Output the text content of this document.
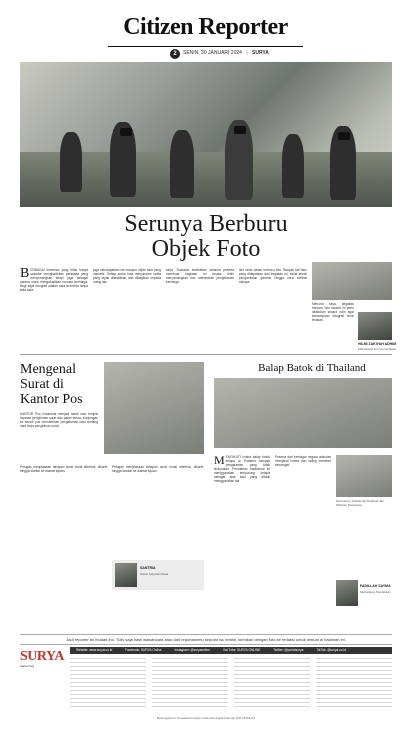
Citizen Reporter
2	SENIN, 30 JANUARI 2024 | SURYA
Serunya Berburu
Objek Foto
B ERBAGAI kesenian yang tidak hanya sekadar menghadirkan perasaan yang menyenangkan tetapi juga sebagai sarana untuk mengabadikan momen berharga. Bagi saya fotografi adalah cara bercerita tanpa kata-kata.
juga mendapatkan ide maupun objek baru yang menarik. Setiap sudut kota menyimpan cerita yang layak diabadikan dan dibagikan kepada orang lain.
kerja. Suasana keakraban sesama peserta membuat kegiatan ini terasa lebih menyenangkan dan menambah pengalaman berharga.
ikut serta dalam berburu foto. Banyak hal baru yang didapatkan dari kegiatan ini, mulai teknik pengambilan gambar hingga cara melihat cahaya.
Menurut saya, kegiatan berburu foto seperti ini perlu dilakukan secara rutin agar kemampuan fotografi terus terasah.
HILMI ZAKIYAH ADHIM
Mahasiswa Ilmu Komunikasi
Mengenal
Surat di
Kantor Pos
KANTOR Pos Indonesia menjadi salah satu tempat layanan pengiriman surat dan paket tertua. Kunjungan ke kantor pos memberikan pengalaman baru tentang cara kerja pengiriman surat.
Petugas menjelaskan tahapan surat mulai diterima, disortir, hingga diantar ke alamat tujuan.
Petugas menjelaskan tahapan surat mulai diterima, disortir, hingga diantar ke alamat tujuan.
SANTRIA
Siswa Sekolah Dasar
Balap Batok di Thailand
M ENGIKUTI lomba balap batok kelapa di Thailand menjadi pengalaman yang tidak terlupakan. Permainan tradisional ini menggunakan tempurung kelapa sebagai alas kaki yang ditarik menggunakan tali.
Peserta dari berbagai negara antusias mengikuti lomba dan saling memberi semangat.
Permainan Tradisional Thailand dan Warisan Nusantara.
FADILLAH SAYMA
Mahasiswa Pendidikan
Jadi reporter itu mudah lho. Tulis saja hasil wawancara atau dari reportasemu seputar isu terkini, kirimkan dengan foto ke redaksi untuk dimuat di halaman ini.
SURYA
Harian Pagi
Website: www.surya.co.id	Facebook: SURYA Online	Instagram: @suryaonline	YouTube: SURYA ONLINE	Twitter: @portalsurya	TikTok: @surya.co.id
Berlangganan: Pemasaran koran cetak dan digital hubungi (031) 8201212
